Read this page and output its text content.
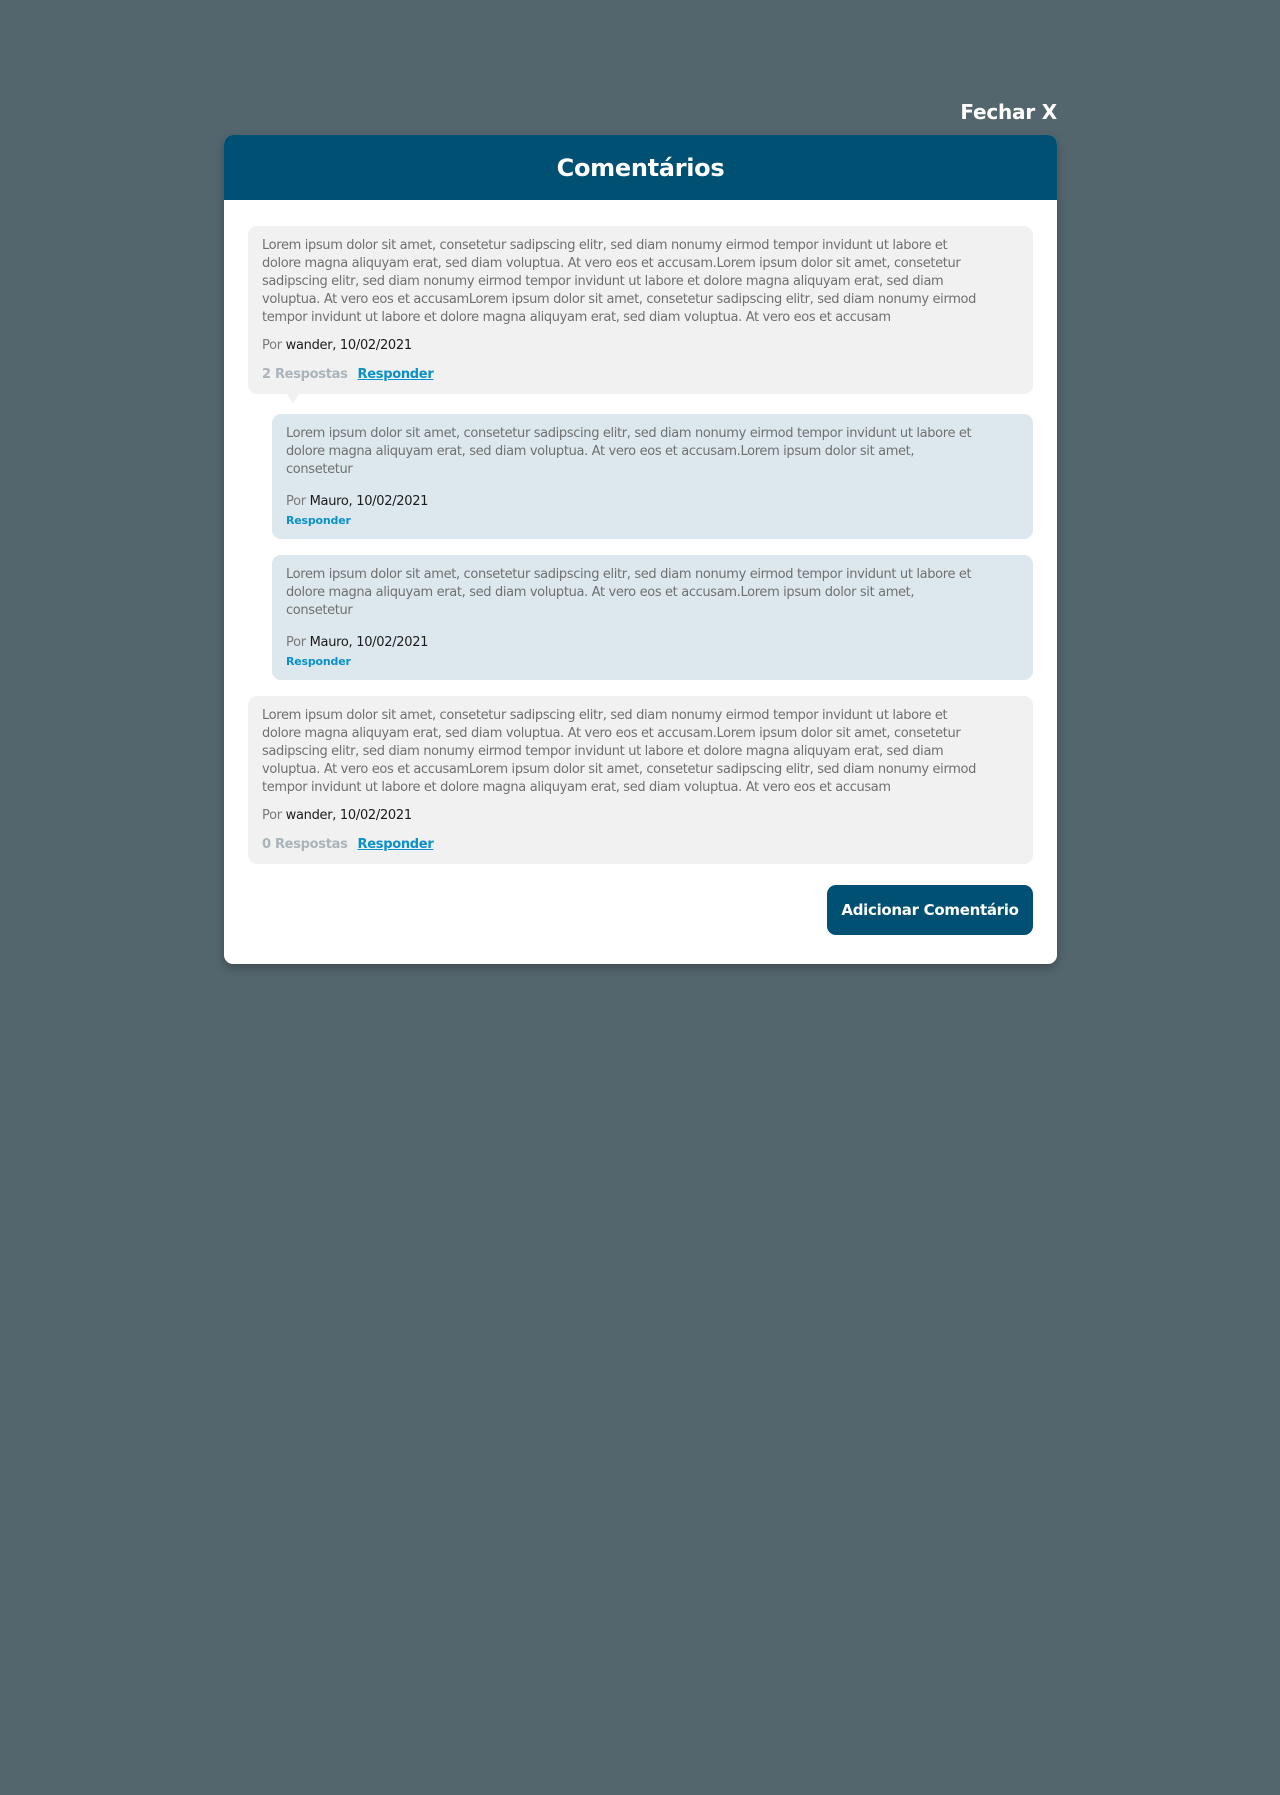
Fechar X
Comentários

Lorem ipsum dolor sit amet, consetetur sadipscing elitr, sed diam nonumy eirmod tempor invidunt ut labore et dolore magna aliquyam erat, sed diam voluptua. At vero eos et accusam.Lorem ipsum dolor sit amet, consetetur sadipscing elitr, sed diam nonumy eirmod tempor invidunt ut labore et dolore magna aliquyam erat, sed diam voluptua. At vero eos et accusamLorem ipsum dolor sit amet, consetetur sadipscing elitr, sed diam nonumy eirmod tempor invidunt ut labore et dolore magna aliquyam erat, sed diam voluptua. At vero eos et accusam

Por wander, 10/02/2021
2 Respostas Responder

Lorem ipsum dolor sit amet, consetetur sadipscing elitr, sed diam nonumy eirmod tempor invidunt ut labore et dolore magna aliquyam erat, sed diam voluptua. At vero eos et accusam.Lorem ipsum dolor sit amet, consetetur

Por Mauro, 10/02/2021
Responder

Lorem ipsum dolor sit amet, consetetur sadipscing elitr, sed diam nonumy eirmod tempor invidunt ut labore et dolore magna aliquyam erat, sed diam voluptua. At vero eos et accusam.Lorem ipsum dolor sit amet, consetetur

Por Mauro, 10/02/2021
Responder

Lorem ipsum dolor sit amet, consetetur sadipscing elitr, sed diam nonumy eirmod tempor invidunt ut labore et dolore magna aliquyam erat, sed diam voluptua. At vero eos et accusam.Lorem ipsum dolor sit amet, consetetur sadipscing elitr, sed diam nonumy eirmod tempor invidunt ut labore et dolore magna aliquyam erat, sed diam voluptua. At vero eos et accusamLorem ipsum dolor sit amet, consetetur sadipscing elitr, sed diam nonumy eirmod tempor invidunt ut labore et dolore magna aliquyam erat, sed diam voluptua. At vero eos et accusam

Por wander, 10/02/2021
0 Respostas Responder
Adicionar Comentário
